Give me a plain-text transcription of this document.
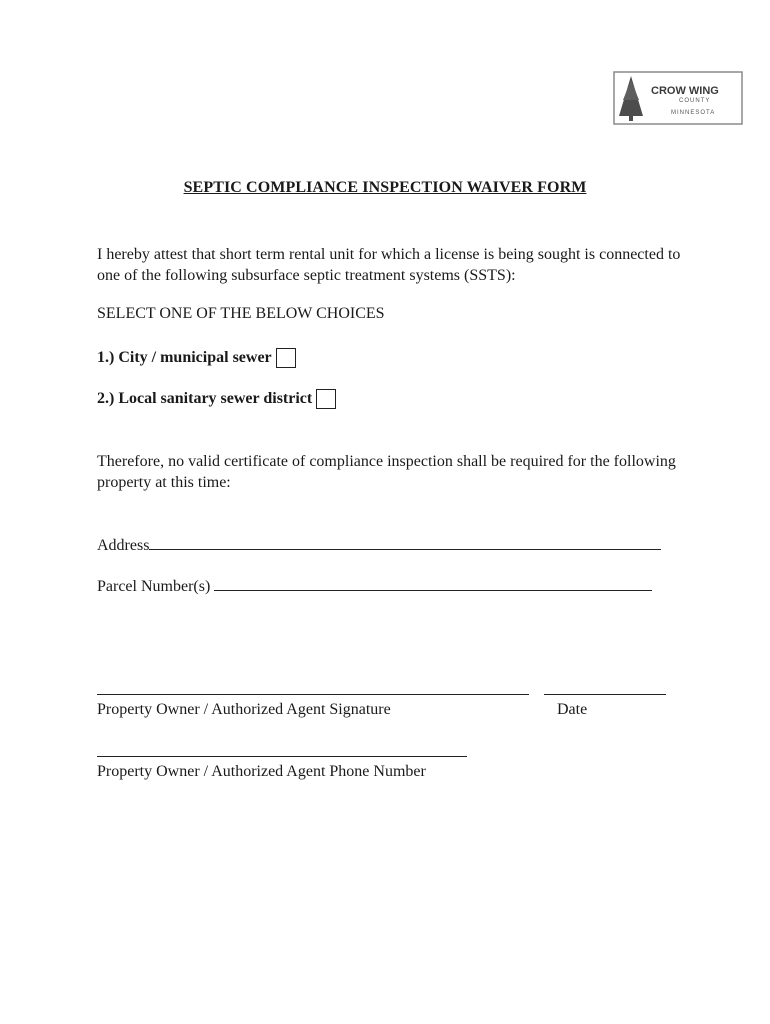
CROW WING
COUNTY
MINNESOTA
SEPTIC COMPLIANCE INSPECTION WAIVER FORM
I hereby attest that short term rental unit for which a license is being sought is connected to one of the following subsurface septic treatment systems (SSTS):
SELECT ONE OF THE BELOW CHOICES
1.) City / municipal sewer
2.) Local sanitary sewer district
Therefore, no valid certificate of compliance inspection shall be required for the following property at this time:
Address
Parcel Number(s)
Property Owner / Authorized Agent Signature	Date
Property Owner / Authorized Agent Phone Number
